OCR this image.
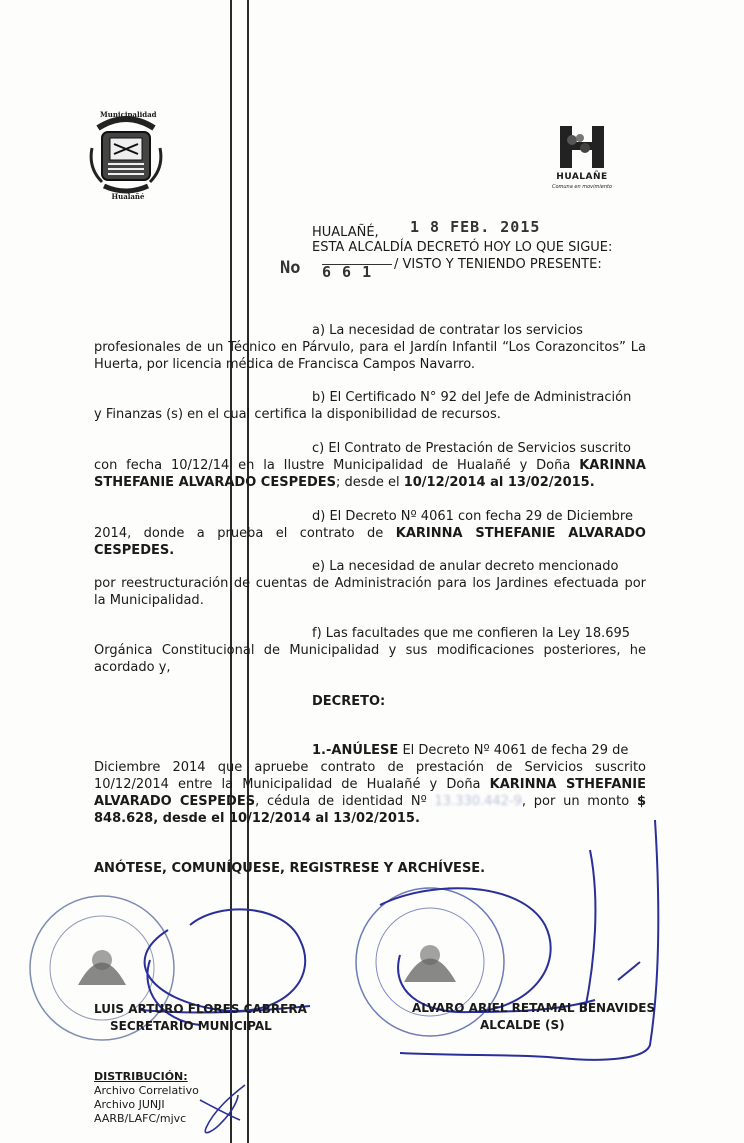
Municipalidad
Hualañé
HUALAÑE
Comuna en movimiento
HUALAÑÉ, 1 8 FEB. 2015
ESTA ALCALDÍA DECRETÓ HOY LO QUE SIGUE:
No 6 6 1	/ VISTO Y TENIENDO PRESENTE:
a) La necesidad de contratar los servicios
profesionales de un Técnico en Párvulo, para el Jardín Infantil “Los Corazoncitos” La Huerta, por licencia médica de Francisca Campos Navarro.
b) El Certificado N° 92 del Jefe de Administración
y Finanzas (s) en el cual certifica la disponibilidad de recursos.
c) El Contrato de Prestación de Servicios suscrito
con fecha 10/12/14 en la Ilustre Municipalidad de Hualañé y Doña KARINNA STHEFANIE ALVARADO CESPEDES; desde el 10/12/2014 al 13/02/2015.
d) El Decreto Nº 4061 con fecha 29 de Diciembre
2014, donde a prueba el contrato de KARINNA STHEFANIE ALVARADO CESPEDES.
e) La necesidad de anular decreto mencionado
por reestructuración de cuentas de Administración para los Jardines efectuada por la Municipalidad.
f) Las facultades que me confieren la Ley 18.695
Orgánica Constitucional de Municipalidad y sus modificaciones posteriores, he acordado y,
DECRETO:
1.-ANÚLESE El Decreto Nº 4061 de fecha 29 de
Diciembre 2014 que apruebe contrato de prestación de Servicios suscrito 10/12/2014 entre la Municipalidad de Hualañé y Doña KARINNA STHEFANIE ALVARADO CESPEDES, cédula de identidad Nº 13.330.442-9, por un monto $ 848.628, desde el 10/12/2014 al 13/02/2015.
ANÓTESE, COMUNÍQUESE, REGISTRESE Y ARCHÍVESE.
LUIS ARTURO FLORES CABRERA
SECRETARIO MUNICIPAL
ALVARO ARIEL RETAMAL BENAVIDES
ALCALDE (S)
DISTRIBUCIÓN:
Archivo Correlativo
Archivo JUNJI
AARB/LAFC/mjvc
